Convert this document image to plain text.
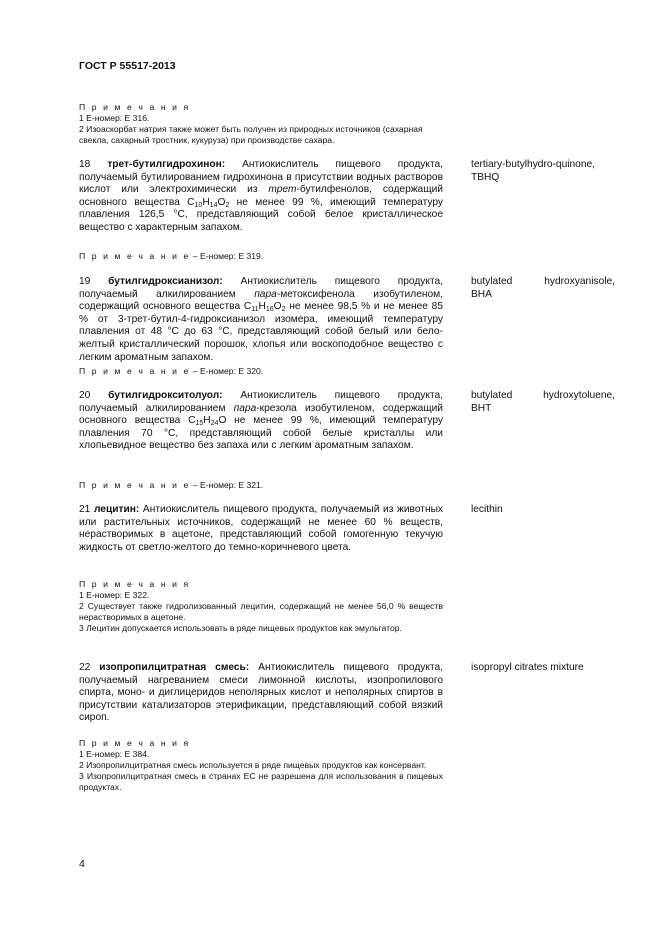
ГОСТ Р 55517-2013
П р и м е ч а н и я
1 Е-номер: Е 316.
2 Изоаскорбат натрия также может быть получен из природных источников (сахарная свекла, сахарный тростник, кукуруза) при производстве сахара.
18 трет-бутилгидрохинон: Антиокислитель пищевого продукта, получаемый бутилированием гидрохинона в присутствии водных растворов кислот или электрохимически из трет-бутилфенолов, содержащий основного вещества $C_{10}H_{14}O_2$ не менее 99 %, имеющий температуру плавления 126,5 °С, представляющий собой белое кристаллическое вещество с характерным запахом.
tertiary-butylhydro-quinone, TBHQ
П р и м е ч а н и е – Е-номер: Е 319.
19 бутилгидроксианизол: Антиокислитель пищевого продукта, получаемый алкилированием пара-метоксифенола изобутиленом, содержащий основного вещества $C_{11}H_{16}O_2$ не менее 98,5 % и не менее 85 % от 3-трет-бутил-4-гидроксианизол изомера, имеющий температуру плавления от 48 °С до 63 °С, представляющий собой белый или бело-желтый кристаллический порошок, хлопья или воскоподобное вещество с легким ароматным запахом.
butylated hydroxyanisole,
BHA
П р и м е ч а н и е – Е-номер: Е 320.
20 бутилгидрокситолуол: Антиокислитель пищевого продукта, получаемый алкилированием пара-крезола изобутиленом, содержащий основного вещества $C_{15}H_{24}O$ не менее 99 %, имеющий температуру плавления 70 °С, представляющий собой белые кристаллы или хлопьевидное вещество без запаха или с легким ароматным запахом.
butylated hydroxytoluene,
BHT
П р и м е ч а н и е – Е-номер: Е 321.
21 лецитин: Антиокислитель пищевого продукта, получаемый из животных или растительных источников, содержащий не менее 60 % веществ, нерастворимых в ацетоне, представляющий собой гомогенную текучую жидкость от светло-желтого до темно-коричневого цвета.
lecithin
П р и м е ч а н и я
1 Е-номер: Е 322.
2 Существует также гидролизованный лецитин, содержащий не менее 56,0 % веществ нерастворимых в ацетоне.
3 Лецитин допускается использовать в ряде пищевых продуктов как эмульгатор.
22 изопропилцитратная смесь: Антиокислитель пищевого продукта, получаемый нагреванием смеси лимонной кислоты, изопропилового спирта, моно- и диглицеридов неполярных кислот и неполярных спиртов в присутствии катализаторов этерификации, представляющий собой вязкий сироп.
isopropyl citrates mixture
П р и м е ч а н и я
1 Е-номер: Е 384.
2 Изопропилцитратная смесь используется в ряде пищевых продуктов как консервант.
3 Изопропилцитратная смесь в странах ЕС не разрешена для использования в пищевых продуктах.
4
